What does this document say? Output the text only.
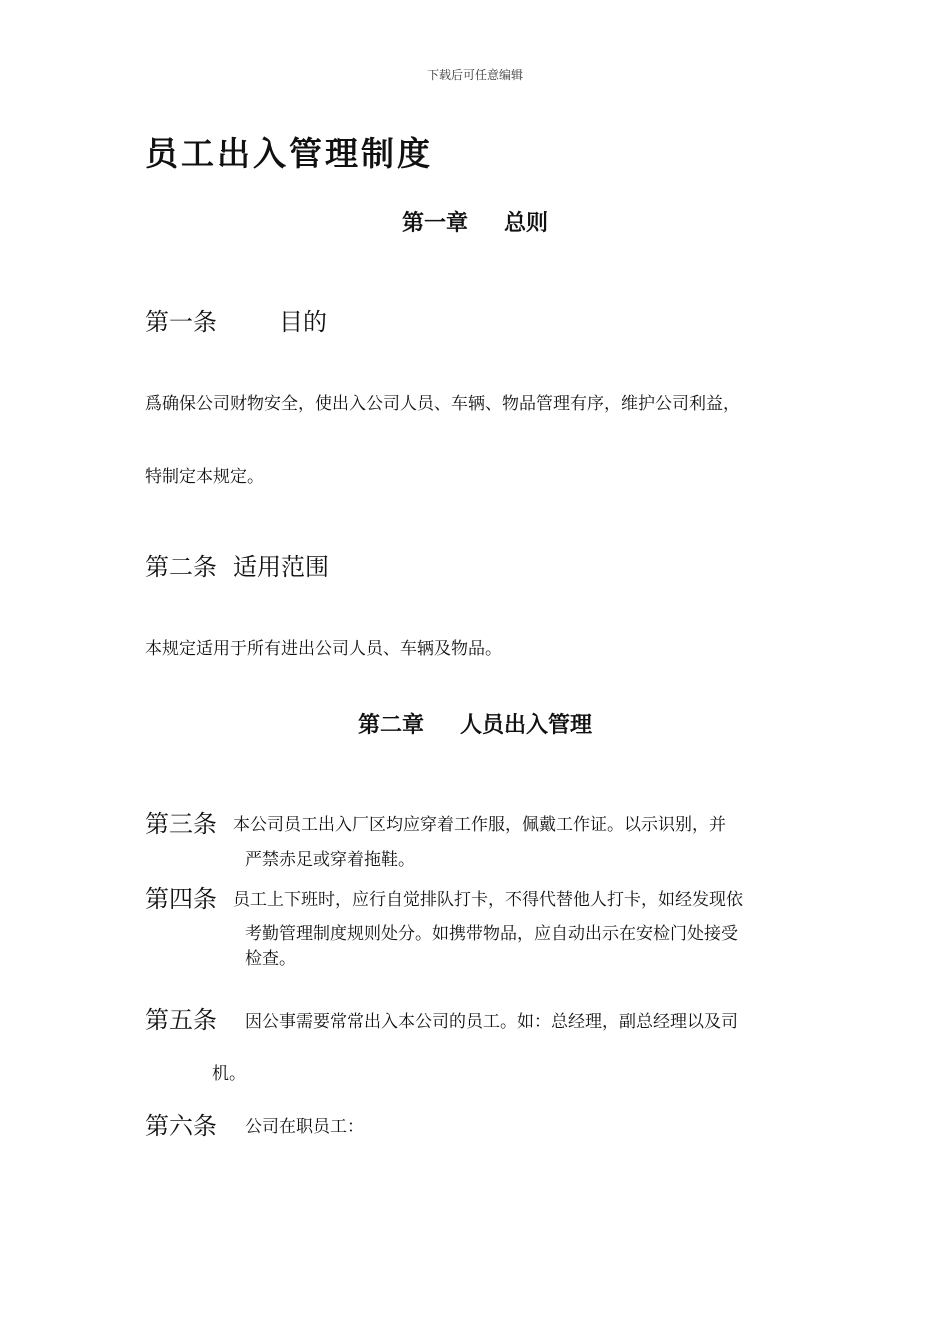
下载后可任意编辑
员工出入管理制度
第一章 总则
第一条	目的
爲确保公司财物安全，使出入公司人员、车辆、物品管理有序，维护公司利益，
特制定本规定。
第二条 适用范围
本规定适用于所有进出公司人员、车辆及物品。
第二章 人员出入管理
第三条 本公司员工出入厂区均应穿着工作服，佩戴工作证。以示识别，并
严禁赤足或穿着拖鞋。
第四条 员工上下班时，应行自觉排队打卡，不得代替他人打卡，如经发现依
考勤管理制度规则处分。如携带物品，应自动出示在安检门处接受
检查。
第五条 因公事需要常常出入本公司的员工。如：总经理，副总经理以及司
机。
第六条 公司在职员工：
